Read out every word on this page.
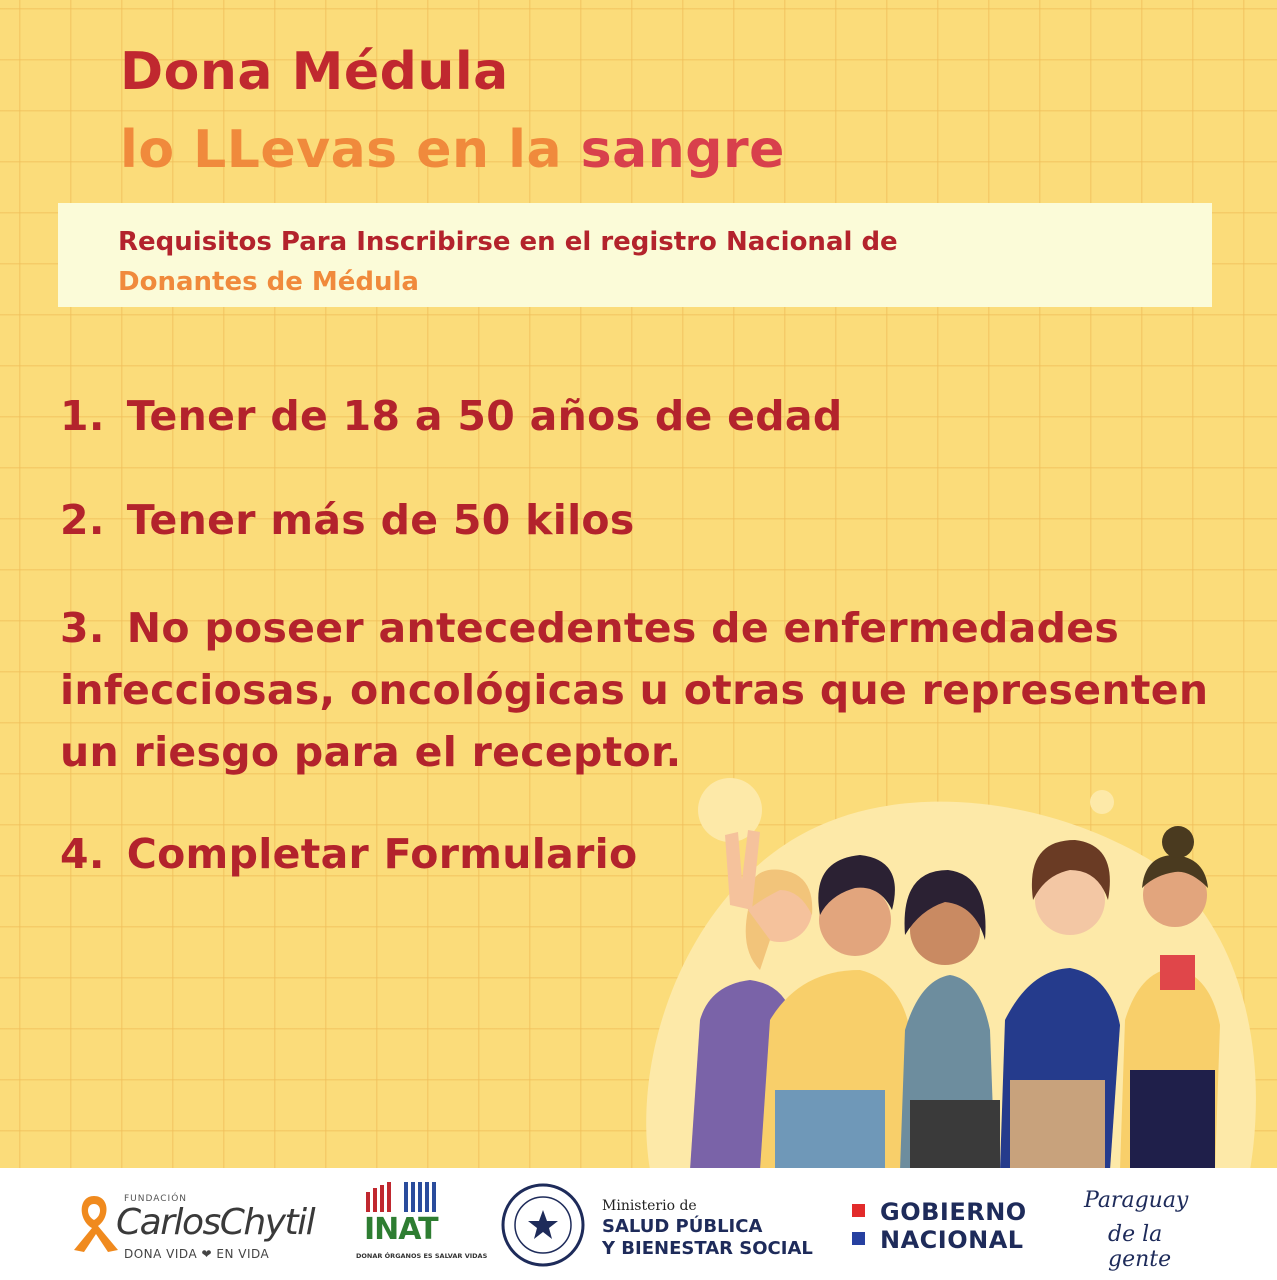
Dona Médula
lo LLevas en la sangre
Requisitos Para Inscribirse en el registro Nacional de
Donantes de Médula

1. Tener de 18 a 50 años de edad

2. Tener más de 50 kilos

3. No poseer antecedentes de enfermedades infecciosas, oncológicas u otras que representen un riesgo para el receptor.

4. Completar Formulario

FUNDACIÓN
CarlosChytil
DONA VIDA ❤ EN VIDA
INAT
DONAR ÓRGANOS ES SALVAR VIDAS
Ministerio de
SALUD PÚBLICA
Y BIENESTAR SOCIAL
GOBIERNO
NACIONAL
Paraguay
de la gente
